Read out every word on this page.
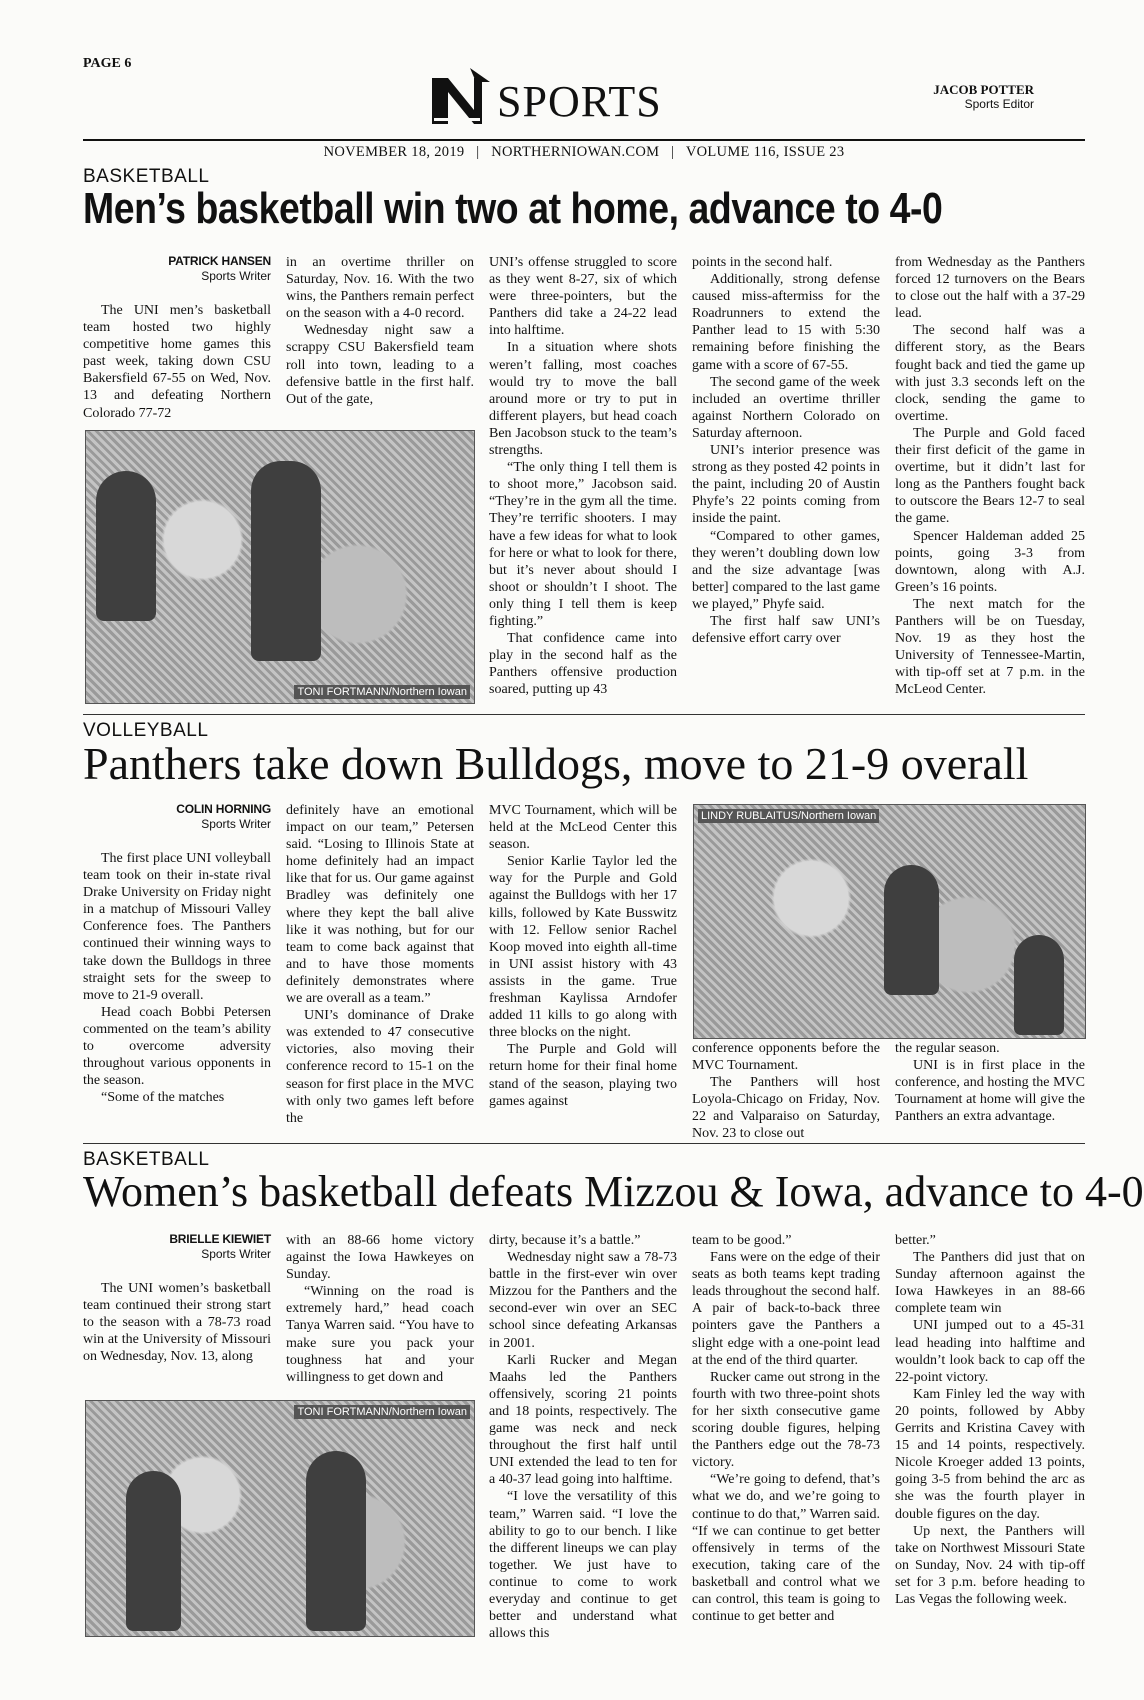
PAGE 6
SPORTS	JACOB POTTER
Sports Editor
NOVEMBER 18, 2019   |   NORTHERNIOWAN.COM   |   VOLUME 116, ISSUE 23
BASKETBALL
Men’s basketball win two at home, advance to 4-0
PATRICK HANSEN
Sports Writer

The UNI men’s basketball team hosted two highly competitive home games this past week, taking down CSU Bakersfield 67-55 on Wed, Nov. 13 and defeating Northern Colorado 77-72

in an overtime thriller on Saturday, Nov. 16. With the two wins, the Panthers remain perfect on the season with a 4-0 record.

Wednesday night saw a scrappy CSU Bakersfield team roll into town, leading to a defensive battle in the first half. Out of the gate,

TONI FORTMANN/Northern Iowan

UNI’s offense struggled to score as they went 8-27, six of which were three-pointers, but the Panthers did take a 24-22 lead into halftime.

In a situation where shots weren’t falling, most coaches would try to move the ball around more or try to put in different players, but head coach Ben Jacobson stuck to the team’s strengths.

“The only thing I tell them is to shoot more,” Jacobson said. “They’re in the gym all the time. They’re terrific shooters. I may have a few ideas for what to look for here or what to look for there, but it’s never about should I shoot or shouldn’t I shoot. The only thing I tell them is keep fighting.”

That confidence came into play in the second half as the Panthers offensive production soared, putting up 43

points in the second half.

Additionally, strong defense caused miss-aftermiss for the Roadrunners to extend the Panther lead to 15 with 5:30 remaining before finishing the game with a score of 67-55.

The second game of the week included an overtime thriller against Northern Colorado on Saturday afternoon.

UNI’s interior presence was strong as they posted 42 points in the paint, including 20 of Austin Phyfe’s 22 points coming from inside the paint.

“Compared to other games, they weren’t doubling down low and the size advantage [was better] compared to the last game we played,” Phyfe said.

The first half saw UNI’s defensive effort carry over

from Wednesday as the Panthers forced 12 turnovers on the Bears to close out the half with a 37-29 lead.

The second half was a different story, as the Bears fought back and tied the game up with just 3.3 seconds left on the clock, sending the game to overtime.

The Purple and Gold faced their first deficit of the game in overtime, but it didn’t last for long as the Panthers fought back to outscore the Bears 12-7 to seal the game.

Spencer Haldeman added 25 points, going 3-3 from downtown, along with A.J. Green’s 16 points.

The next match for the Panthers will be on Tuesday, Nov. 19 as they host the University of Tennessee-Martin, with tip-off set at 7 p.m. in the McLeod Center.

VOLLEYBALL
Panthers take down Bulldogs, move to 21-9 overall
COLIN HORNING
Sports Writer

The first place UNI volleyball team took on their in-state rival Drake University on Friday night in a matchup of Missouri Valley Conference foes. The Panthers continued their winning ways to take down the Bulldogs in three straight sets for the sweep to move to 21-9 overall.

Head coach Bobbi Petersen commented on the team’s ability to overcome adversity throughout various opponents in the season.

“Some of the matches

definitely have an emotional impact on our team,” Petersen said. “Losing to Illinois State at home definitely had an impact like that for us. Our game against Bradley was definitely one where they kept the ball alive like it was nothing, but for our team to come back against that and to have those moments definitely demonstrates where we are overall as a team.”

UNI’s dominance of Drake was extended to 47 consecutive victories, also moving their conference record to 15-1 on the season for first place in the MVC with only two games left before the

MVC Tournament, which will be held at the McLeod Center this season.

Senior Karlie Taylor led the way for the Purple and Gold against the Bulldogs with her 17 kills, followed by Kate Busswitz with 12. Fellow senior Rachel Koop moved into eighth all-time in UNI assist history with 43 assists in the game. True freshman Kaylissa Arndofer added 11 kills to go along with three blocks on the night.

The Purple and Gold will return home for their final home stand of the season, playing two games against

LINDY RUBLAITUS/Northern Iowan

conference opponents before the MVC Tournament.

The Panthers will host Loyola-Chicago on Friday, Nov. 22 and Valparaiso on Saturday, Nov. 23 to close out

the regular season.

UNI is in first place in the conference, and hosting the MVC Tournament at home will give the Panthers an extra advantage.

BASKETBALL
Women’s basketball defeats Mizzou & Iowa, advance to 4-0
BRIELLE KIEWIET
Sports Writer

The UNI women’s basketball team continued their strong start to the season with a 78-73 road win at the University of Missouri on Wednesday, Nov. 13, along

with an 88-66 home victory against the Iowa Hawkeyes on Sunday.

“Winning on the road is extremely hard,” head coach Tanya Warren said. “You have to make sure you pack your toughness hat and your willingness to get down and

TONI FORTMANN/Northern Iowan

dirty, because it’s a battle.”

Wednesday night saw a 78-73 battle in the first-ever win over Mizzou for the Panthers and the second-ever win over an SEC school since defeating Arkansas in 2001.

Karli Rucker and Megan Maahs led the Panthers offensively, scoring 21 points and 18 points, respectively. The game was neck and neck throughout the first half until UNI extended the lead to ten for a 40-37 lead going into halftime.

“I love the versatility of this team,” Warren said. “I love the ability to go to our bench. I like the different lineups we can play together. We just have to continue to come to work everyday and continue to get better and understand what allows this

team to be good.”

Fans were on the edge of their seats as both teams kept trading leads throughout the second half. A pair of back-to-back three pointers gave the Panthers a slight edge with a one-point lead at the end of the third quarter.

Rucker came out strong in the fourth with two three-point shots for her sixth consecutive game scoring double figures, helping the Panthers edge out the 78-73 victory.

“We’re going to defend, that’s what we do, and we’re going to continue to do that,” Warren said. “If we can continue to get better offensively in terms of the execution, taking care of the basketball and control what we can control, this team is going to continue to get better and

better.”

The Panthers did just that on Sunday afternoon against the Iowa Hawkeyes in an 88-66 complete team win

UNI jumped out to a 45-31 lead heading into halftime and wouldn’t look back to cap off the 22-point victory.

Kam Finley led the way with 20 points, followed by Abby Gerrits and Kristina Cavey with 15 and 14 points, respectively. Nicole Kroeger added 13 points, going 3-5 from behind the arc as she was the fourth player in double figures on the day.

Up next, the Panthers will take on Northwest Missouri State on Sunday, Nov. 24 with tip-off set for 3 p.m. before heading to Las Vegas the following week.
